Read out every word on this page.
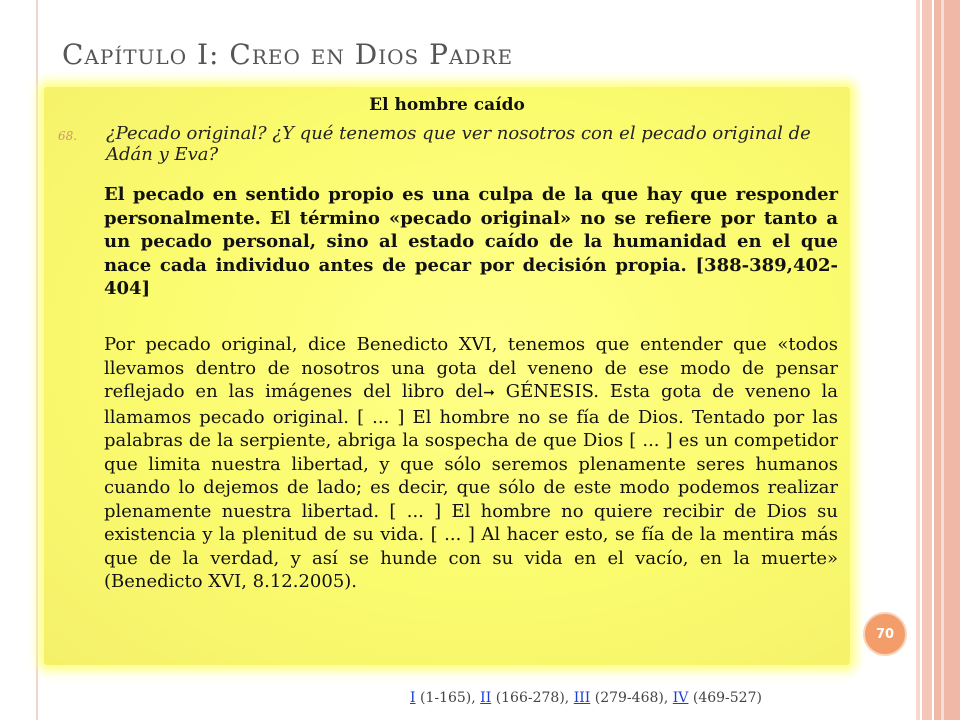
Capítulo I: Creo en Dios Padre
El hombre caído
68. ¿Pecado original? ¿Y qué tenemos que ver nosotros con el pecado original de Adán y Eva?
El pecado en sentido propio es una culpa de la que hay que responder personalmente. El término «pecado original» no se refiere por tanto a un pecado personal, sino al estado caído de la humanidad en el que nace cada individuo antes de pecar por decisión propia. [388-389,402-404]
Por pecado original, dice Benedicto XVI, tenemos que entender que «todos llevamos dentro de nosotros una gota del veneno de ese modo de pensar reflejado en las imágenes del libro del➞ GÉNESIS. Esta gota de veneno la llamamos pecado original. [ ... ] El hombre no se fía de Dios. Tentado por las palabras de la serpiente, abriga la sospecha de que Dios [ ... ] es un competidor que limita nuestra libertad, y que sólo seremos plenamente seres humanos cuando lo dejemos de lado; es decir, que sólo de este modo podemos realizar plenamente nuestra libertad. [ ... ] El hombre no quiere recibir de Dios su existencia y la plenitud de su vida. [ ... ] Al hacer esto, se fía de la mentira más que de la verdad, y así se hunde con su vida en el vacío, en la muerte» (Benedicto XVI, 8.12.2005).
70
I (1-165), II (166-278), III (279-468), IV (469-527)
